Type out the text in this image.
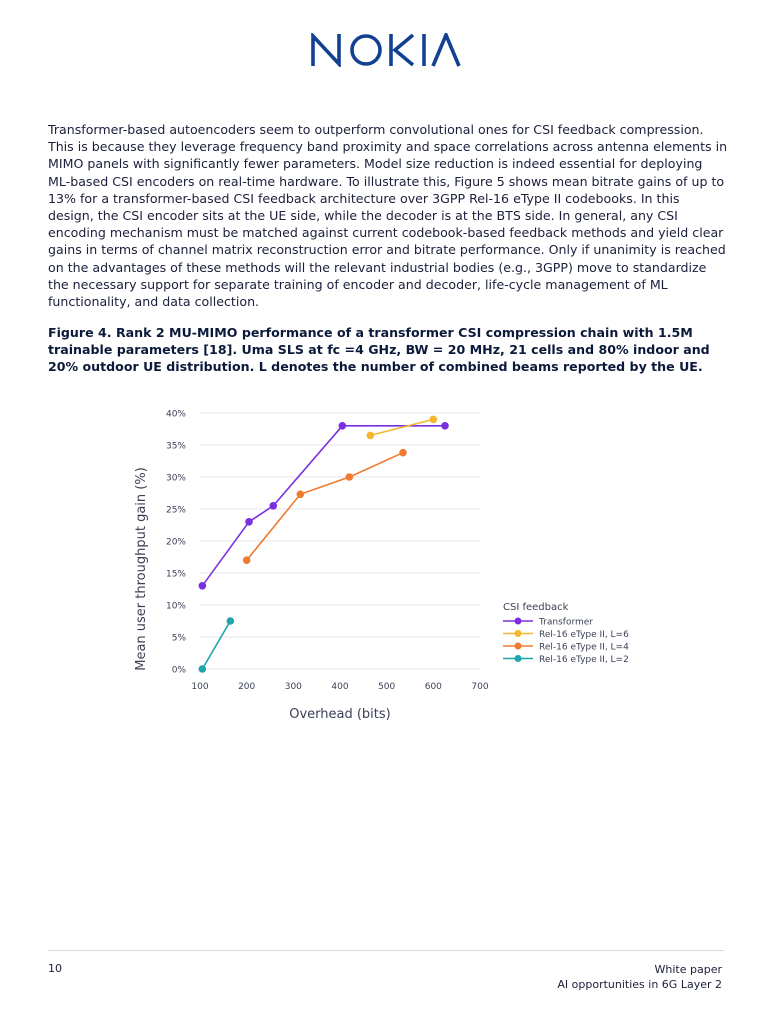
Transformer-based autoencoders seem to outperform convolutional ones for CSI feedback compression. This is because they leverage frequency band proximity and space correlations across antenna elements in MIMO panels with significantly fewer parameters. Model size reduction is indeed essential for deploying ML-based CSI encoders on real-time hardware. To illustrate this, Figure 5 shows mean bitrate gains of up to 13% for a transformer-based CSI feedback architecture over 3GPP Rel-16 eType II codebooks. In this design, the CSI encoder sits at the UE side, while the decoder is at the BTS side. In general, any CSI encoding mechanism must be matched against current codebook-based feedback methods and yield clear gains in terms of channel matrix reconstruction error and bitrate performance. Only if unanimity is reached on the advantages of these methods will the relevant industrial bodies (e.g., 3GPP) move to standardize the necessary support for separate training of encoder and decoder, life-cycle management of ML functionality, and data collection.

Figure 4. Rank 2 MU-MIMO performance of a transformer CSI compression chain with 1.5M trainable parameters [18]. Uma SLS at fc =4 GHz, BW = 20 MHz, 21 cells and 80% indoor and 20% outdoor UE distribution. L denotes the number of combined beams reported by the UE.

0%
5%
10%
15%
20%
25%
30%
35%
40%
100	200	300	400	500	600	700
Mean user throughput gain (%)
Overhead (bits)
CSI feedback
Transformer
Rel-16 eType II, L=6
Rel-16 eType II, L=4
Rel-16 eType II, L=2
10	White paper
AI opportunities in 6G Layer 2
